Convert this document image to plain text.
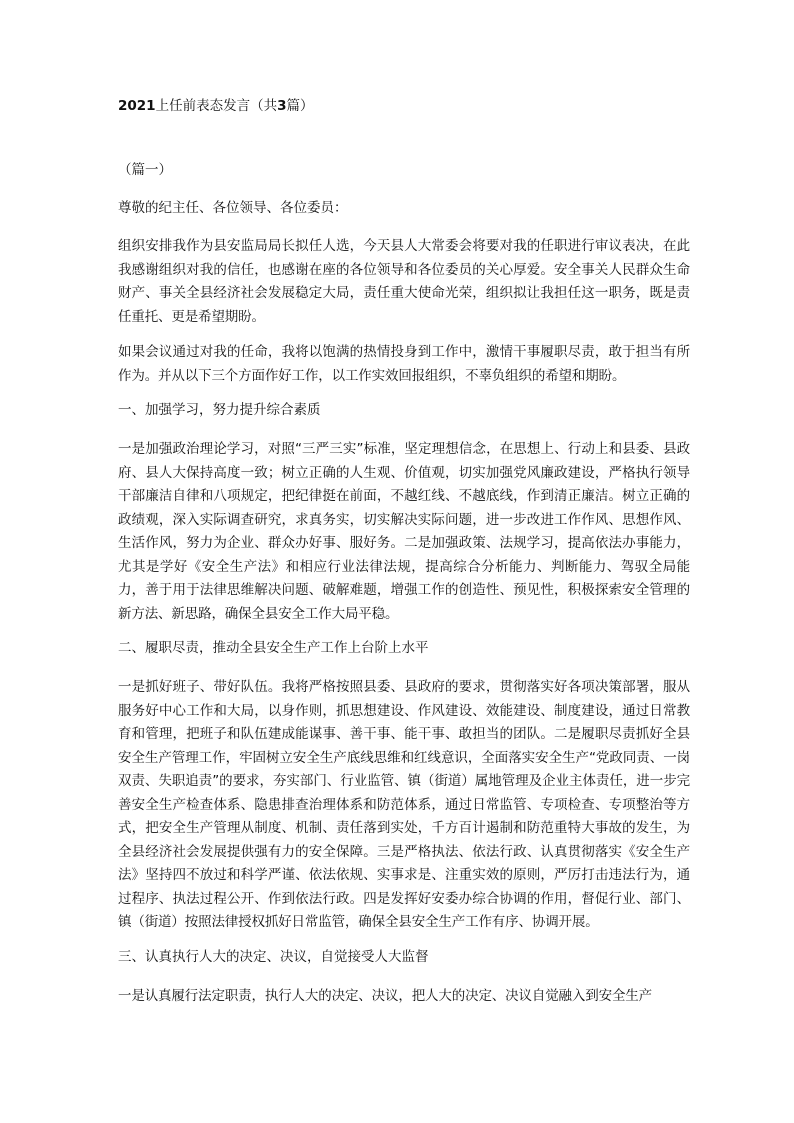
2021上任前表态发言（共3篇）
（篇一）
尊敬的纪主任、各位领导、各位委员：

组织安排我作为县安监局局长拟任人选，今天县人大常委会将要对我的任职进行审议表决，在此我感谢组织对我的信任，也感谢在座的各位领导和各位委员的关心厚爱。安全事关人民群众生命财产、事关全县经济社会发展稳定大局，责任重大使命光荣，组织拟让我担任这一职务，既是责任重托、更是希望期盼。

如果会议通过对我的任命，我将以饱满的热情投身到工作中，激情干事履职尽责，敢于担当有所作为。并从以下三个方面作好工作，以工作实效回报组织，不辜负组织的希望和期盼。

一、加强学习，努力提升综合素质

一是加强政治理论学习，对照“三严三实”标准，坚定理想信念，在思想上、行动上和县委、县政府、县人大保持高度一致；树立正确的人生观、价值观，切实加强党风廉政建设，严格执行领导干部廉洁自律和八项规定，把纪律挺在前面，不越红线、不越底线，作到清正廉洁。树立正确的政绩观，深入实际调查研究，求真务实，切实解决实际问题，进一步改进工作作风、思想作风、生活作风，努力为企业、群众办好事、服好务。二是加强政策、法规学习，提高依法办事能力，尤其是学好《安全生产法》和相应行业法律法规，提高综合分析能力、判断能力、驾驭全局能力，善于用于法律思维解决问题、破解难题，增强工作的创造性、预见性，积极探索安全管理的新方法、新思路，确保全县安全工作大局平稳。

二、履职尽责，推动全县安全生产工作上台阶上水平

一是抓好班子、带好队伍。我将严格按照县委、县政府的要求，贯彻落实好各项决策部署，服从服务好中心工作和大局，以身作则，抓思想建设、作风建设、效能建设、制度建设，通过日常教育和管理，把班子和队伍建成能谋事、善干事、能干事、敢担当的团队。二是履职尽责抓好全县安全生产管理工作，牢固树立安全生产底线思维和红线意识，全面落实安全生产“党政同责、一岗双责、失职追责”的要求，夯实部门、行业监管、镇（街道）属地管理及企业主体责任，进一步完善安全生产检查体系、隐患排查治理体系和防范体系，通过日常监管、专项检查、专项整治等方式，把安全生产管理从制度、机制、责任落到实处，千方百计遏制和防范重特大事故的发生，为全县经济社会发展提供强有力的安全保障。三是严格执法、依法行政、认真贯彻落实《安全生产法》坚持四不放过和科学严谨、依法依规、实事求是、注重实效的原则，严厉打击违法行为，通过程序、执法过程公开、作到依法行政。四是发挥好安委办综合协调的作用，督促行业、部门、镇（街道）按照法律授权抓好日常监管，确保全县安全生产工作有序、协调开展。

三、认真执行人大的决定、决议，自觉接受人大监督

一是认真履行法定职责，执行人大的决定、决议，把人大的决定、决议自觉融入到安全生产
